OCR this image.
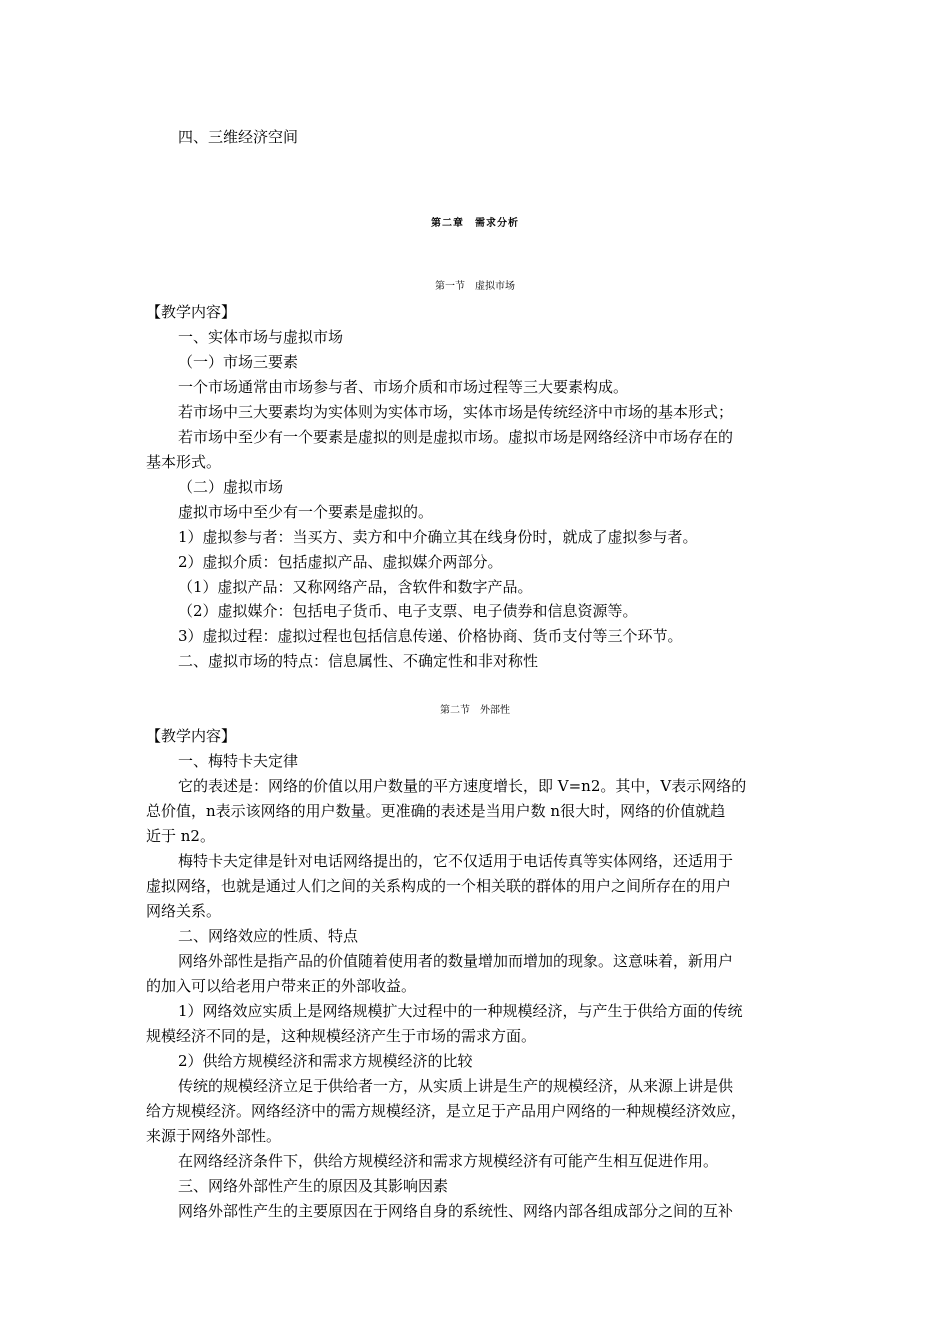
四、三维经济空间
第二章　需求分析
第一节　虚拟市场
【教学内容】
一、实体市场与虚拟市场
（一）市场三要素
一个市场通常由市场参与者、市场介质和市场过程等三大要素构成。
若市场中三大要素均为实体则为实体市场，实体市场是传统经济中市场的基本形式；
若市场中至少有一个要素是虚拟的则是虚拟市场。虚拟市场是网络经济中市场存在的
基本形式。
（二）虚拟市场
虚拟市场中至少有一个要素是虚拟的。
1）虚拟参与者：当买方、卖方和中介确立其在线身份时，就成了虚拟参与者。
2）虚拟介质：包括虚拟产品、虚拟媒介两部分。
（1）虚拟产品：又称网络产品，含软件和数字产品。
（2）虚拟媒介：包括电子货币、电子支票、电子债券和信息资源等。
3）虚拟过程：虚拟过程也包括信息传递、价格协商、货币支付等三个环节。
二、虚拟市场的特点：信息属性、不确定性和非对称性
第二节　外部性
【教学内容】
一、梅特卡夫定律
它的表述是：网络的价值以用户数量的平方速度增长，即 V=n2。其中，V表示网络的
总价值，n表示该网络的用户数量。更准确的表述是当用户数 n很大时，网络的价值就趋
近于 n2。
梅特卡夫定律是针对电话网络提出的，它不仅适用于电话传真等实体网络，还适用于
虚拟网络，也就是通过人们之间的关系构成的一个相关联的群体的用户之间所存在的用户
网络关系。
二、网络效应的性质、特点
网络外部性是指产品的价值随着使用者的数量增加而增加的现象。这意味着，新用户
的加入可以给老用户带来正的外部收益。
1）网络效应实质上是网络规模扩大过程中的一种规模经济，与产生于供给方面的传统
规模经济不同的是，这种规模经济产生于市场的需求方面。
2）供给方规模经济和需求方规模经济的比较
传统的规模经济立足于供给者一方，从实质上讲是生产的规模经济，从来源上讲是供
给方规模经济。网络经济中的需方规模经济，是立足于产品用户网络的一种规模经济效应，
来源于网络外部性。
在网络经济条件下，供给方规模经济和需求方规模经济有可能产生相互促进作用。
三、网络外部性产生的原因及其影响因素
网络外部性产生的主要原因在于网络自身的系统性、网络内部各组成部分之间的互补
